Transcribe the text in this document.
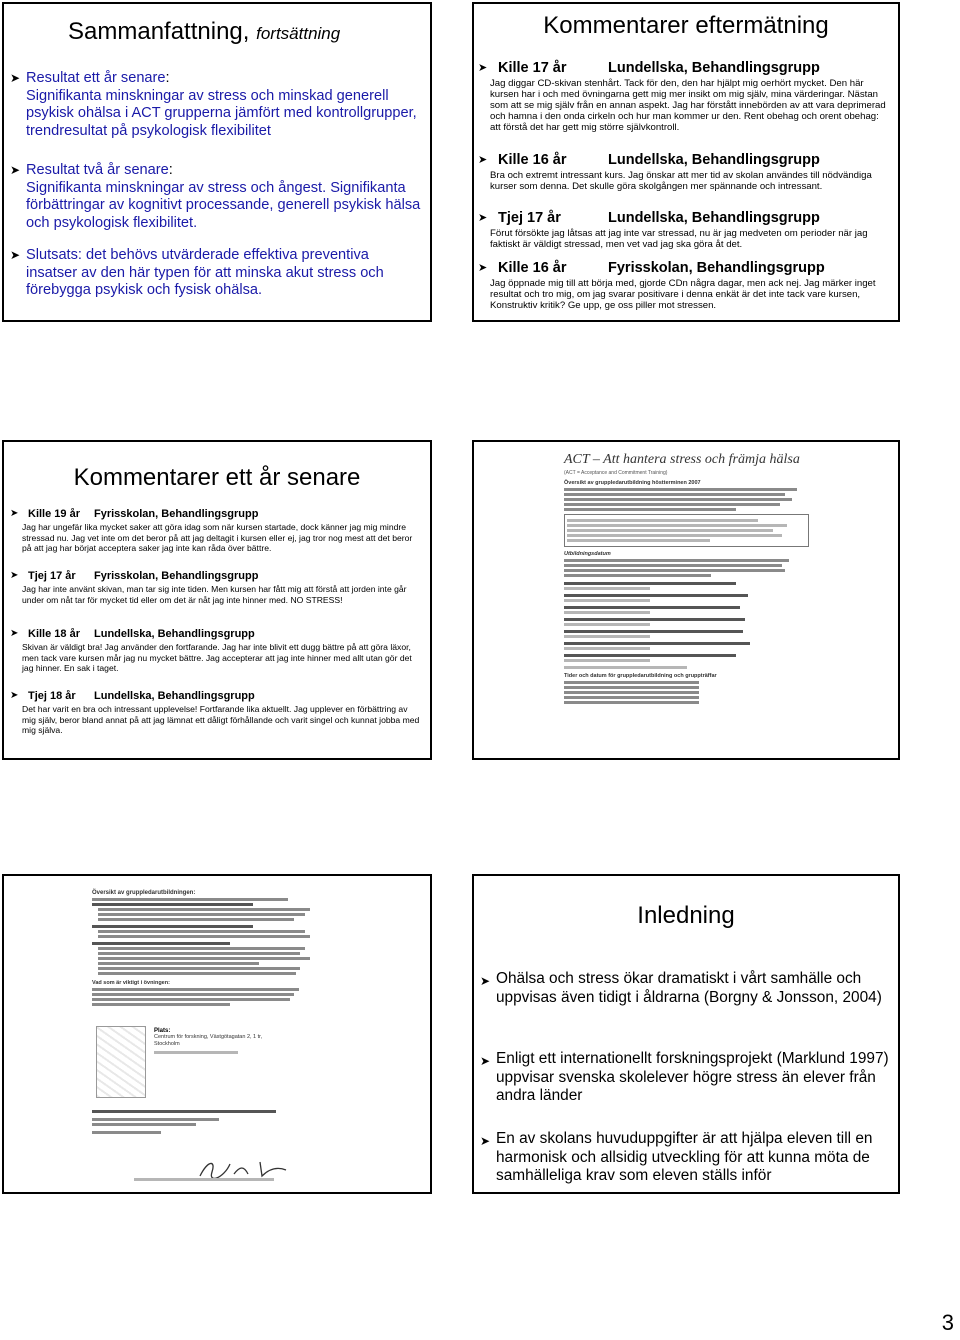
Sammanfattning, fortsättning
➤ Resultat ett år senare:
Signifikanta minskningar av stress och minskad generell psykisk ohälsa i ACT grupperna jämfört med kontrollgrupper, trendresultat på psykologisk flexibilitet
➤ Resultat två år senare:
Signifikanta minskningar av stress och ångest. Signifikanta förbättringar av kognitivt processande, generell psykisk hälsa och psykologisk flexibilitet.
➤ Slutsats: det behövs utvärderade effektiva preventiva insatser av den här typen för att minska akut stress och förebygga psykisk och fysisk ohälsa.
Kommentarer eftermätning
➤ Kille 17 år	Lundellska, Behandlingsgrupp
Jag diggar CD-skivan stenhårt. Tack för den, den har hjälpt mig oerhört mycket. Den här kursen har i och med övningarna gett mig mer insikt om mig själv, mina värderingar. Nästan som att se mig själv från en annan aspekt. Jag har förstått innebörden av att vara deprimerad och hamna i den onda cirkeln och hur man kommer ur den. Rent obehag och orent obehag: att förstå det har gett mig större självkontroll.
➤ Kille 16 år	Lundellska, Behandlingsgrupp
Bra och extremt intressant kurs. Jag önskar att mer tid av skolan användes till nödvändiga kurser som denna. Det skulle göra skolgången mer spännande och intressant.
➤ Tjej 17 år	Lundellska, Behandlingsgrupp
Förut försökte jag låtsas att jag inte var stressad, nu är jag medveten om perioder när jag faktiskt är väldigt stressad, men vet vad jag ska göra åt det.
➤ Kille 16 år	Fyrisskolan, Behandlingsgrupp
Jag öppnade mig till att börja med, gjorde CDn några dagar, men ack nej. Jag märker inget resultat och tro mig, om jag svarar positivare i denna enkät är det inte tack vare kursen, Konstruktiv kritik? Ge upp, ge oss piller mot stressen.
Kommentarer ett år senare
➤ Kille 19 år Fyrisskolan, Behandlingsgrupp
Jag har ungefär lika mycket saker att göra idag som när kursen startade, dock känner jag mig mindre stressad nu. Jag vet inte om det beror på att jag deltagit i kursen eller ej, jag tror nog mest att det beror på att jag har börjat acceptera saker jag inte kan råda över bättre.
➤ Tjej 17 år Fyrisskolan, Behandlingsgrupp
Jag har inte använt skivan, man tar sig inte tiden. Men kursen har fått mig att förstå att jorden inte går under om nåt tar för mycket tid eller om det är nåt jag inte hinner med. NO STRESS!
➤ Kille 18 år Lundellska, Behandlingsgrupp
Skivan är väldigt bra! Jag använder den fortfarande. Jag har inte blivit ett dugg bättre på att göra läxor, men tack vare kursen mår jag nu mycket bättre. Jag accepterar att jag inte hinner med allt utan gör det jag hinner. En sak i taget.
➤ Tjej 18 år Lundellska, Behandlingsgrupp
Det har varit en bra och intressant upplevelse! Fortfarande lika aktuellt. Jag upplever en förbättring av mig själv, beror bland annat på att jag lämnat ett dåligt förhållande och varit singel och kunnat jobba med mig själva.
ACT – Att hantera stress och främja hälsa
(ACT = Acceptance and Commitment Training)
Översikt av gruppledarutbildning höstterminen 2007
Utbildningsdatum
Tider och datum för gruppledarutbildning och gruppträffar
Översikt av gruppledarutbildningen:
Vad som är viktigt i övningen:
Plats:
Centrum för forskning, Västgötagatan 2, 1 tr, Stockholm
Inledning
➤ Ohälsa och stress ökar dramatiskt i vårt samhälle och uppvisas även tidigt i åldrarna (Borgny & Jonsson, 2004)
➤ Enligt ett internationellt forskningsprojekt (Marklund 1997) uppvisar svenska skolelever högre stress än elever från andra länder
➤ En av skolans huvuduppgifter är att hjälpa eleven till en harmonisk och allsidig utveckling för att kunna möta de samhälleliga krav som eleven ställs inför
3
